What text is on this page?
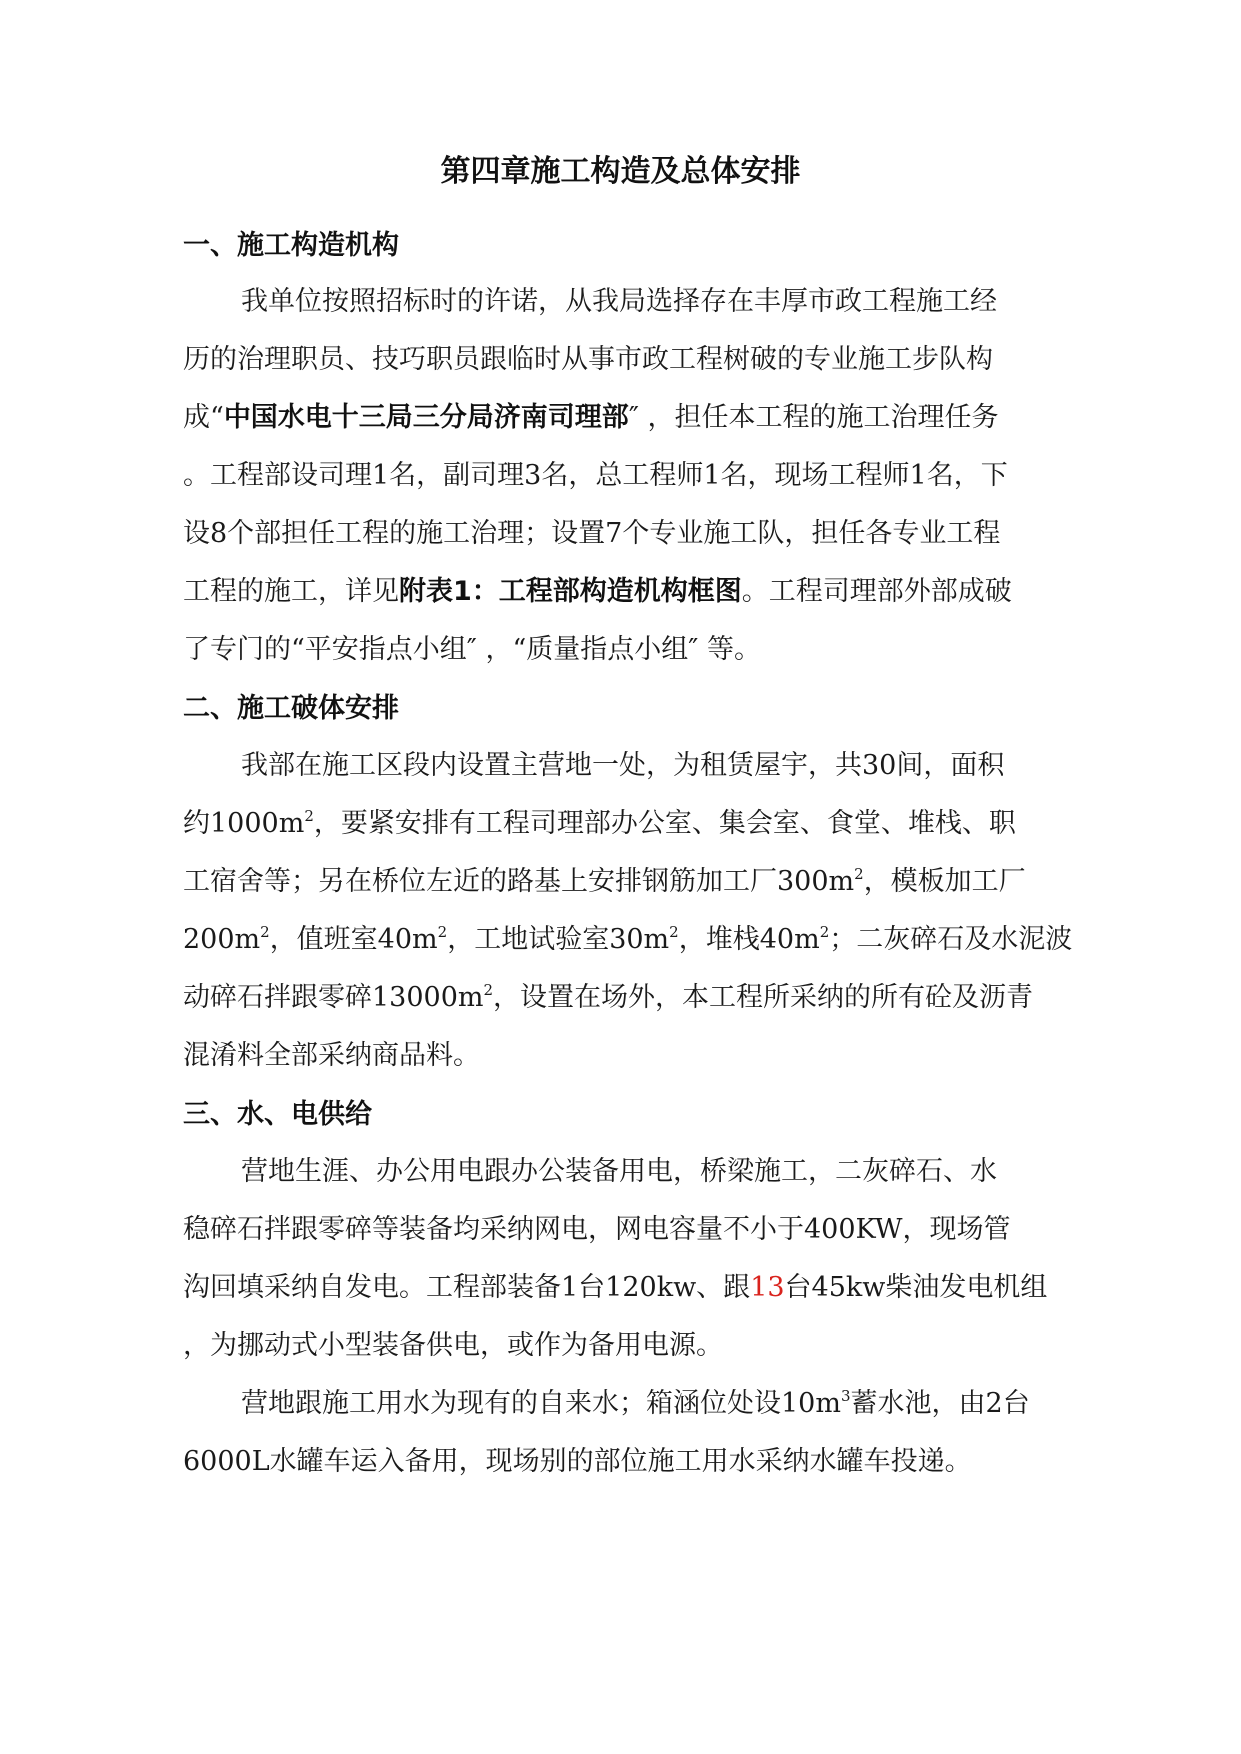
第四章施工构造及总体安排
一、施工构造机构
我单位按照招标时的许诺，从我局选择存在丰厚市政工程施工经
历的治理职员、技巧职员跟临时从事市政工程树破的专业施工步队构
成“中国水电十三局三分局济南司理部″ ，担任本工程的施工治理任务
。工程部设司理1名，副司理3名，总工程师1名，现场工程师1名，下
设8个部担任工程的施工治理；设置7个专业施工队，担任各专业工程
工程的施工，详见附表1：工程部构造机构框图。工程司理部外部成破
了专门的“平安指点小组″ ，“质量指点小组″ 等。
二、施工破体安排
我部在施工区段内设置主营地一处，为租赁屋宇，共30间，面积
约$1000m^2$，要紧安排有工程司理部办公室、集会室、食堂、堆栈、职
工宿舍等；另在桥位左近的路基上安排钢筋加工厂$300m^2$，模板加工厂
$200m^2$，值班室$40m^2$，工地试验室$30m^2$，堆栈$40m^2$；二灰碎石及水泥波
动碎石拌跟零碎$13000m^2$，设置在场外，本工程所采纳的所有砼及沥青
混淆料全部采纳商品料。
三、水、电供给
营地生涯、办公用电跟办公装备用电，桥梁施工，二灰碎石、水
稳碎石拌跟零碎等装备均采纳网电，网电容量不小于400KW，现场管
沟回填采纳自发电。工程部装备1台120kw、跟13台45kw柴油发电机组
，为挪动式小型装备供电，或作为备用电源。
营地跟施工用水为现有的自来水；箱涵位处设$10m^3$蓄水池，由2台
6000L水罐车运入备用，现场别的部位施工用水采纳水罐车投递。
